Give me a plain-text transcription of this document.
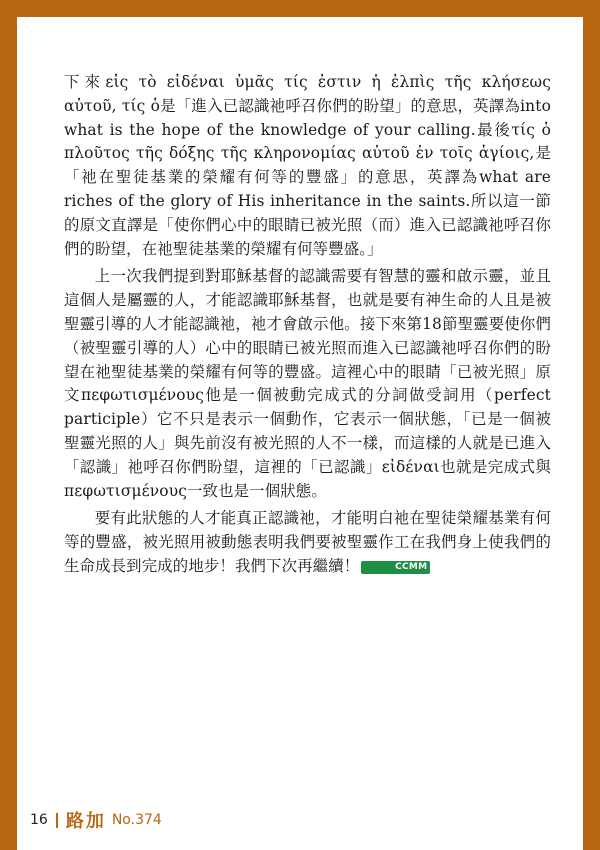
下來εἰς τὸ εἰδέναι ὑμᾶς τίς ἐστιν ἡ ἐλπὶς τῆς κλήσεως αὐτοῦ, τίς ὁ是「進入已認識祂呼召你們的盼望」的意思，英譯為into what is the hope of the knowledge of your calling.最後τίς ὁ πλοῦτος τῆς δόξης τῆς κληρονομίας αὐτοῦ ἐν τοῖς ἁγίοις,是「祂在聖徒基業的榮耀有何等的豐盛」的意思，英譯為what are riches of the glory of His inheritance in the saints.所以這一節的原文直譯是「使你們心中的眼睛已被光照（而）進入已認識祂呼召你們的盼望，在祂聖徒基業的榮耀有何等豐盛。」

上一次我們提到對耶穌基督的認識需要有智慧的靈和啟示靈，並且這個人是屬靈的人，才能認識耶穌基督，也就是要有神生命的人且是被聖靈引導的人才能認識祂，祂才會啟示他。接下來第18節聖靈要使你們（被聖靈引導的人）心中的眼睛已被光照而進入已認識祂呼召你們的盼望在祂聖徒基業的榮耀有何等的豐盛。這裡心中的眼睛「已被光照」原文πεφωτισμένους他是一個被動完成式的分詞做受詞用（perfect participle）它不只是表示一個動作，它表示一個狀態，「已是一個被聖靈光照的人」與先前沒有被光照的人不一樣，而這樣的人就是已進入「認識」祂呼召你們盼望，這裡的「已認識」εἰδέναι也就是完成式與πεφωτισμένους一致也是一個狀態。

要有此狀態的人才能真正認識祂，才能明白祂在聖徒榮耀基業有何等的豐盛，被光照用被動態表明我們要被聖靈作工在我們身上使我們的生命成長到完成的地步！我們下次再繼續！	CCMM

16 路加 No.374
